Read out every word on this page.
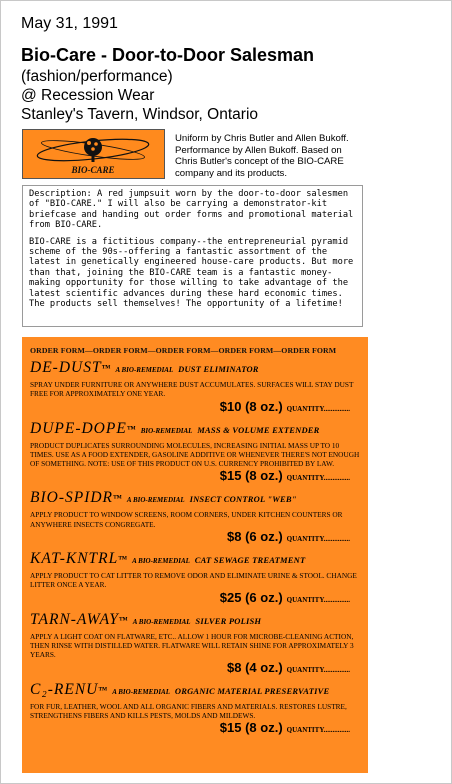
May 31, 1991
Bio-Care - Door-to-Door Salesman
(fashion/performance)
@ Recession Wear
Stanley's Tavern, Windsor, Ontario
BIO-CARE
Uniform by Chris Butler and Allen Bukoff. Performance by Allen Bukoff. Based on Chris Butler's concept of the BIO-CARE company and its products.

Description: A red jumpsuit worn by the door-to-door salesmen of "BIO-CARE." I will also be carrying a demonstrator-kit briefcase and handing out order forms and promotional material from BIO-CARE.

BIO-CARE is a fictitious company--the entrepreneurial pyramid scheme of the 90s--offering a fantastic assortment of the latest in genetically engineered house-care products. But more than that, joining the BIO-CARE team is a fantastic money-making opportunity for those willing to take advantage of the latest scientific advances during these hard economic times. The products sell themselves! The opportunity of a lifetime!

ORDER FORM—ORDER FORM—ORDER FORM—ORDER FORM—ORDER FORM
DE-DUST™ A BIO-REMEDIAL DUST ELIMINATOR
SPRAY UNDER FURNITURE OR ANYWHERE DUST ACCUMULATES. SURFACES WILL STAY DUST FREE FOR APPROXIMATELY ONE YEAR.
$10 (8 oz.) QUANTITY...............
DUPE-DOPE™ BIO-REMEDIAL MASS & VOLUME EXTENDER
PRODUCT DUPLICATES SURROUNDING MOLECULES, INCREASING INITIAL MASS UP TO 10 TIMES. USE AS A FOOD EXTENDER, GASOLINE ADDITIVE OR WHENEVER THERE'S NOT ENOUGH OF SOMETHING. NOTE: USE OF THIS PRODUCT ON U.S. CURRENCY PROHIBITED BY LAW.
$15 (8 oz.) QUANTITY...............
BIO-SPIDR™ A BIO-REMEDIAL INSECT CONTROL "WEB"
APPLY PRODUCT TO WINDOW SCREENS, ROOM CORNERS, UNDER KITCHEN COUNTERS OR ANYWHERE INSECTS CONGREGATE.
$8 (6 oz.) QUANTITY...............
KAT-KNTRL™ A BIO-REMEDIAL CAT SEWAGE TREATMENT
APPLY PRODUCT TO CAT LITTER TO REMOVE ODOR AND ELIMINATE URINE & STOOL. CHANGE LITTER ONCE A YEAR.
$25 (6 oz.) QUANTITY...............
TARN-AWAY™ A BIO-REMEDIAL SILVER POLISH
APPLY A LIGHT COAT ON FLATWARE, ETC.. ALLOW 1 HOUR FOR MICROBE-CLEANING ACTION, THEN RINSE WITH DISTILLED WATER. FLATWARE WILL RETAIN SHINE FOR APPROXIMATELY 3 YEARS.
$8 (4 oz.) QUANTITY...............
C₂-RENU™ A BIO-REMEDIAL ORGANIC MATERIAL PRESERVATIVE
FOR FUR, LEATHER, WOOL AND ALL ORGANIC FIBERS AND MATERIALS. RESTORES LUSTRE, STRENGTHENS FIBERS AND KILLS PESTS, MOLDS AND MILDEWS.
$15 (8 oz.) QUANTITY...............
